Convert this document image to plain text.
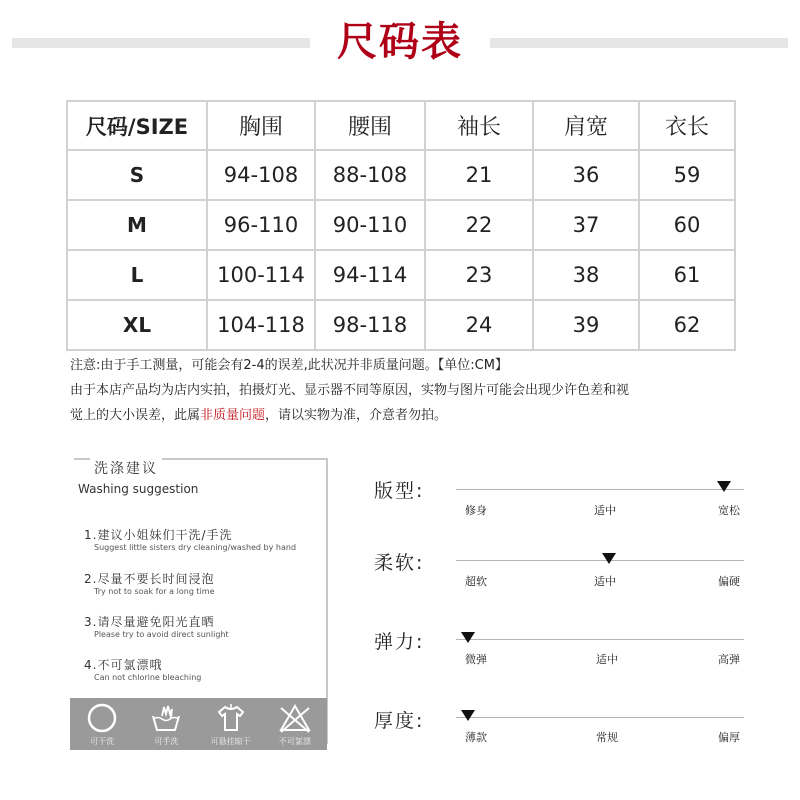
尺码表
尺码/SIZE	胸围	腰围	袖长	肩宽	衣长
S	94-108	88-108	21	36	59
M	96-110	90-110	22	37	60
L	100-114	94-114	23	38	61
XL	104-118	98-118	24	39	62
注意:由于手工测量，可能会有2-4的误差,此状况并非质量问题。【单位:CM】
由于本店产品均为店内实拍，拍摄灯光、显示器不同等原因，实物与图片可能会出现少许色差和视
觉上的大小误差，此属非质量问题，请以实物为准，介意者勿拍。
洗涤建议
Washing suggestion
1.建议小姐妹们干洗/手洗
Suggest little sisters dry cleaning/washed by hand
2.尽量不要长时间浸泡
Try not to soak for a long time
3.请尽量避免阳光直晒
Please try to avoid direct sunlight
4.不可氯漂哦
Can not chlorine bleaching
可干洗	可手洗	可悬挂晾干	不可氯漂
版型:
修身	适中	宽松
柔软:
超软	适中	偏硬
弹力:
微弹	适中	高弹
厚度:
薄款	常规	偏厚
